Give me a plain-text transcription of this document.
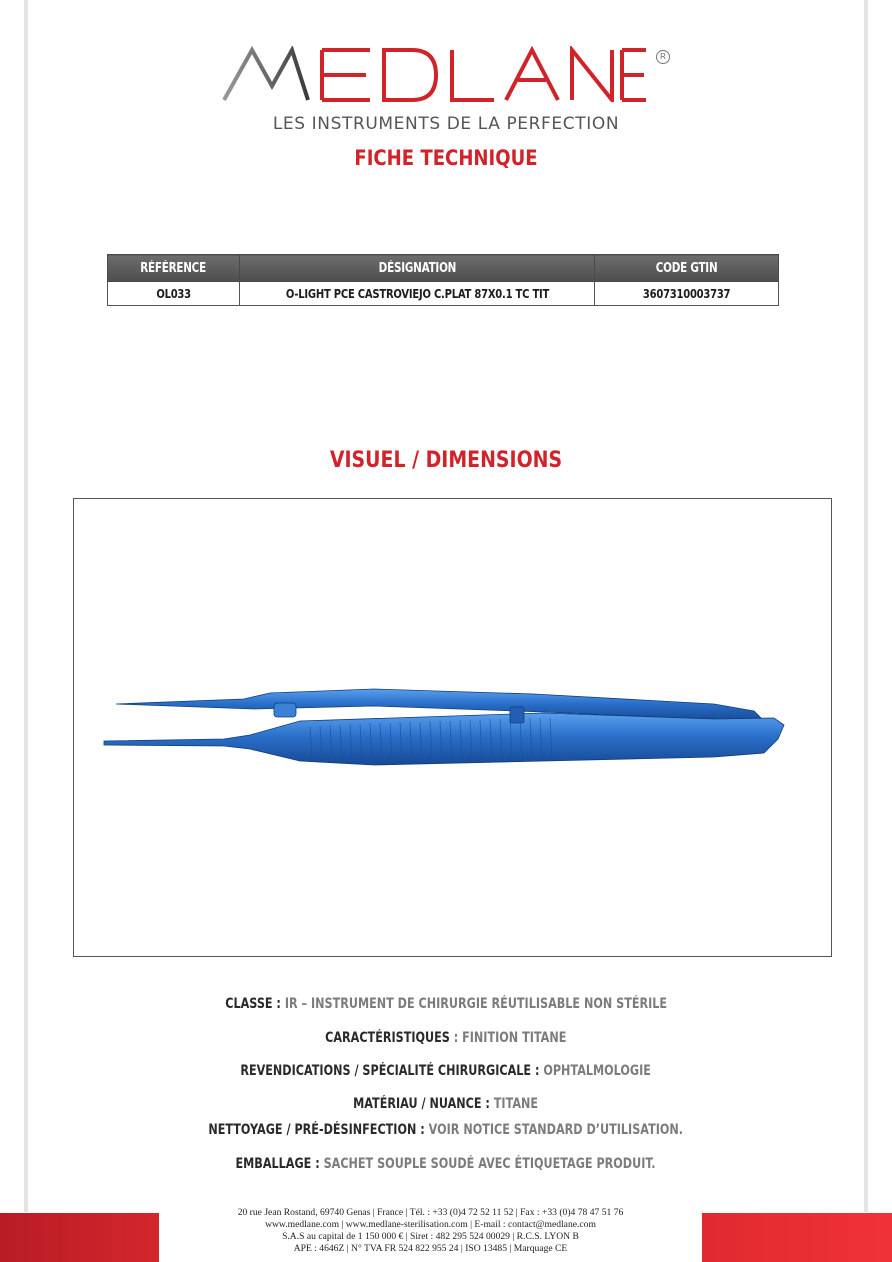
R
LES INSTRUMENTS DE LA PERFECTION
FICHE TECHNIQUE
RÉFÉRENCE	DÉSIGNATION	CODE GTIN
OL033	O-LIGHT PCE CASTROVIEJO C.PLAT 87X0.1 TC TIT	3607310003737
VISUEL / DIMENSIONS
CLASSE : IR – INSTRUMENT DE CHIRURGIE RÉUTILISABLE NON STÉRILE
CARACTÉRISTIQUES : FINITION TITANE
REVENDICATIONS / SPÉCIALITÉ CHIRURGICALE : OPHTALMOLOGIE
MATÉRIAU / NUANCE : TITANE
NETTOYAGE / PRÉ-DÉSINFECTION : VOIR NOTICE STANDARD D’UTILISATION.
EMBALLAGE : SACHET SOUPLE SOUDÉ AVEC ÉTIQUETAGE PRODUIT.
20 rue Jean Rostand, 69740 Genas | France | Tél. : +33 (0)4 72 52 11 52 | Fax : +33 (0)4 78 47 51 76
www.medlane.com | www.medlane-sterilisation.com | E-mail : contact@medlane.com
S.A.S au capital de 1 150 000 € | Siret : 482 295 524 00029 | R.C.S. LYON B
APE : 4646Z | N° TVA FR 524 822 955 24 | ISO 13485 | Marquage CE
